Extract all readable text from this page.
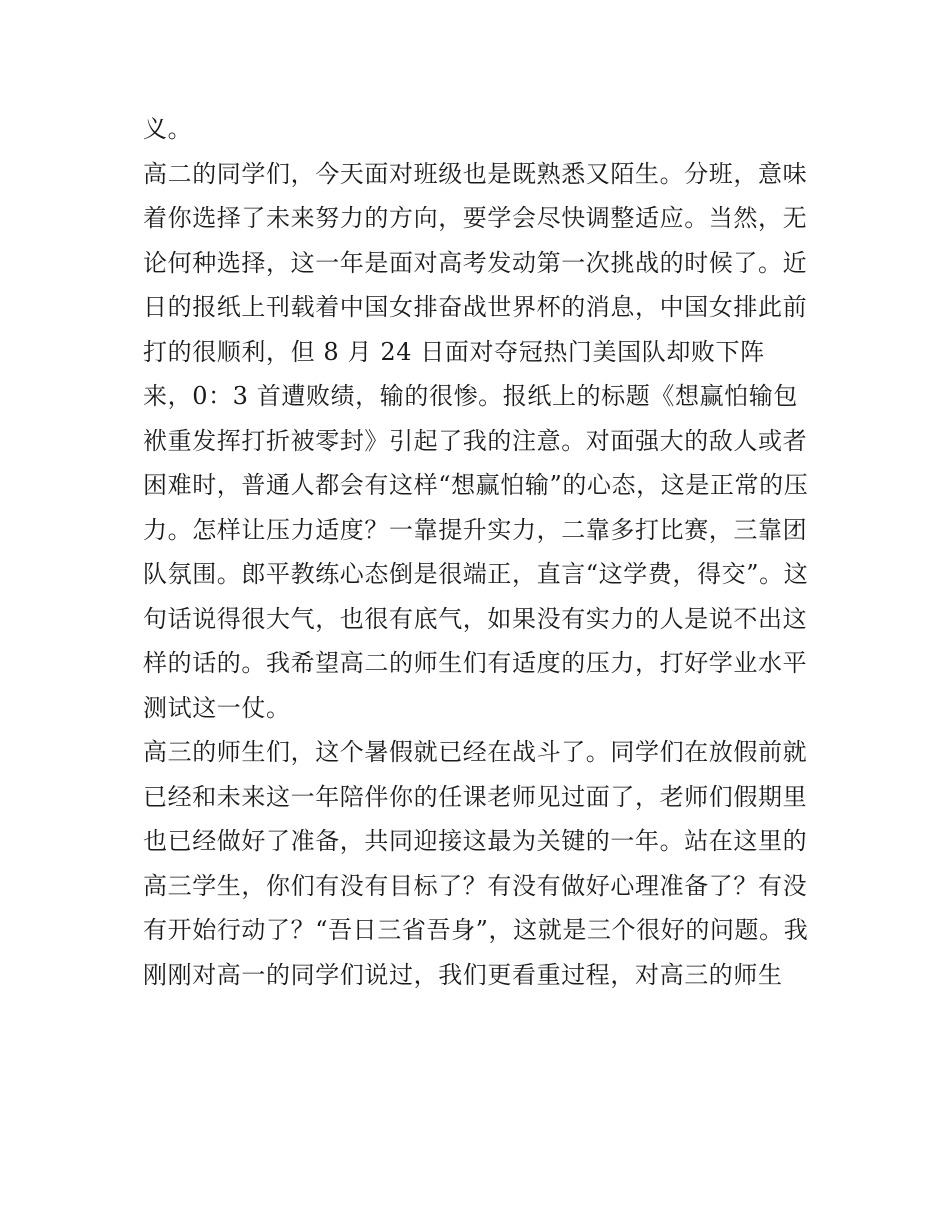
义。
高二的同学们，今天面对班级也是既熟悉又陌生。分班，意味
着你选择了未来努力的方向，要学会尽快调整适应。当然，无
论何种选择，这一年是面对高考发动第一次挑战的时候了。近
日的报纸上刊载着中国女排奋战世界杯的消息，中国女排此前
打的很顺利，但 8 月 24 日面对夺冠热门美国队却败下阵
来，0：3 首遭败绩，输的很惨。报纸上的标题《想赢怕输包
袱重发挥打折被零封》引起了我的注意。对面强大的敌人或者
困难时，普通人都会有这样“想赢怕输”的心态，这是正常的压
力。怎样让压力适度？一靠提升实力，二靠多打比赛，三靠团
队氛围。郎平教练心态倒是很端正，直言“这学费，得交”。这
句话说得很大气，也很有底气，如果没有实力的人是说不出这
样的话的。我希望高二的师生们有适度的压力，打好学业水平
测试这一仗。
高三的师生们，这个暑假就已经在战斗了。同学们在放假前就
已经和未来这一年陪伴你的任课老师见过面了，老师们假期里
也已经做好了准备，共同迎接这最为关键的一年。站在这里的
高三学生，你们有没有目标了？有没有做好心理准备了？有没
有开始行动了？“吾日三省吾身”，这就是三个很好的问题。我
刚刚对高一的同学们说过，我们更看重过程，对高三的师生
